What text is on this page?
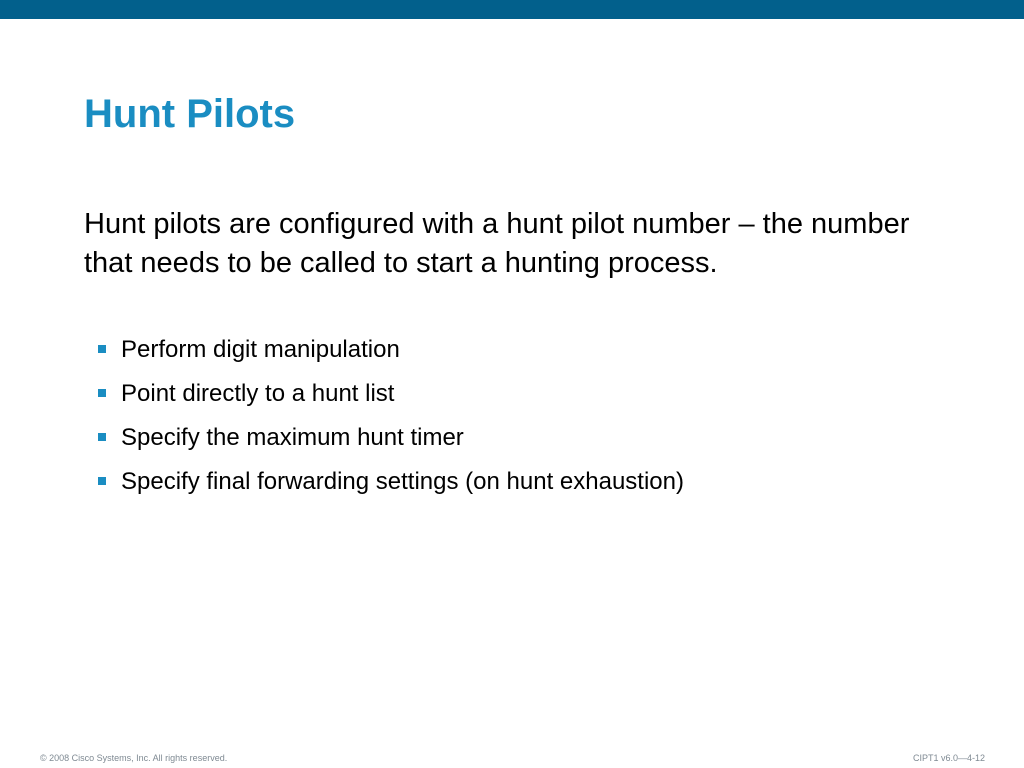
Hunt Pilots

Hunt pilots are configured with a hunt pilot number – the number that needs to be called to start a hunting process.

Perform digit manipulation
Point directly to a hunt list
Specify the maximum hunt timer
Specify final forwarding settings (on hunt exhaustion)
© 2008 Cisco Systems, Inc. All rights reserved.	CIPT1 v6.0—4-12
